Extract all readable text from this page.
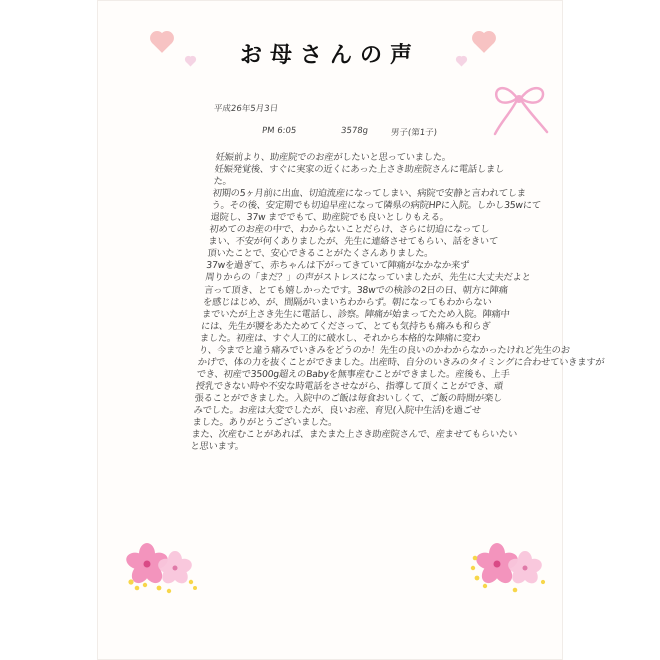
お母さんの声
平成26年5月3日
PM 6:05	3578g	男子(第1子)
妊娠前より、助産院でのお産がしたいと思っていました。
妊娠発覚後、すぐに実家の近くにあった上さき助産院さんに電話しまし
た。
初期の5ヶ月前に出血、切迫流産になってしまい、病院で安静と言われてしま
う。その後、安定期でも切迫早産になって隣県の病院HPに入院。しかし35wにて
退院し、37w まででもて、助産院でも良いとしりもえる。
初めてのお産の中で、わからないことだらけ、さらに切迫になってし
まい、不安が何くありましたが、先生に連絡させてもらい、話をきいて
頂いたことで、安心できることがたくさんありました。
37wを過ぎて、赤ちゃんは下がってきていて陣痛がなかなか来ず
周りからの「まだ？」の声がストレスになっていましたが、先生に大丈夫だよと
言って頂き、とても嬉しかったです。38wでの検診の2日の日、朝方に陣痛
を感じはじめ、が、間隔がいまいちわからず。朝になってもわからない
までいたが上さき先生に電話し、診察。陣痛が始まってたため入院。陣痛中
には、先生が腰をあたためてくださって、とても気持ちも痛みも和らぎ
ました。初産は、すぐ人工的に破水し、それから本格的な陣痛に変わ
り、今までと違う痛みでいきみをどうのか！先生の良いのかわからなかったけれど先生のお
かげで、体の力を抜くことができました。出産時、自分のいきみのタイミングに合わせていきますが
でき、初産で3500g超えのBabyを無事産むことができました。産後も、上手
授乳できない時や不安な時電話をさせながら、指導して頂くことができ、頑
張ることができました。入院中のご飯は毎食おいしくて、ご飯の時間が楽し
みでした。お産は大変でしたが、良いお産、育児(入院中生活)を過ごせ
ました。ありがとうございました。
また、次産むことがあれば、またまた上さき助産院さんで、産ませてもらいたい
と思います。
